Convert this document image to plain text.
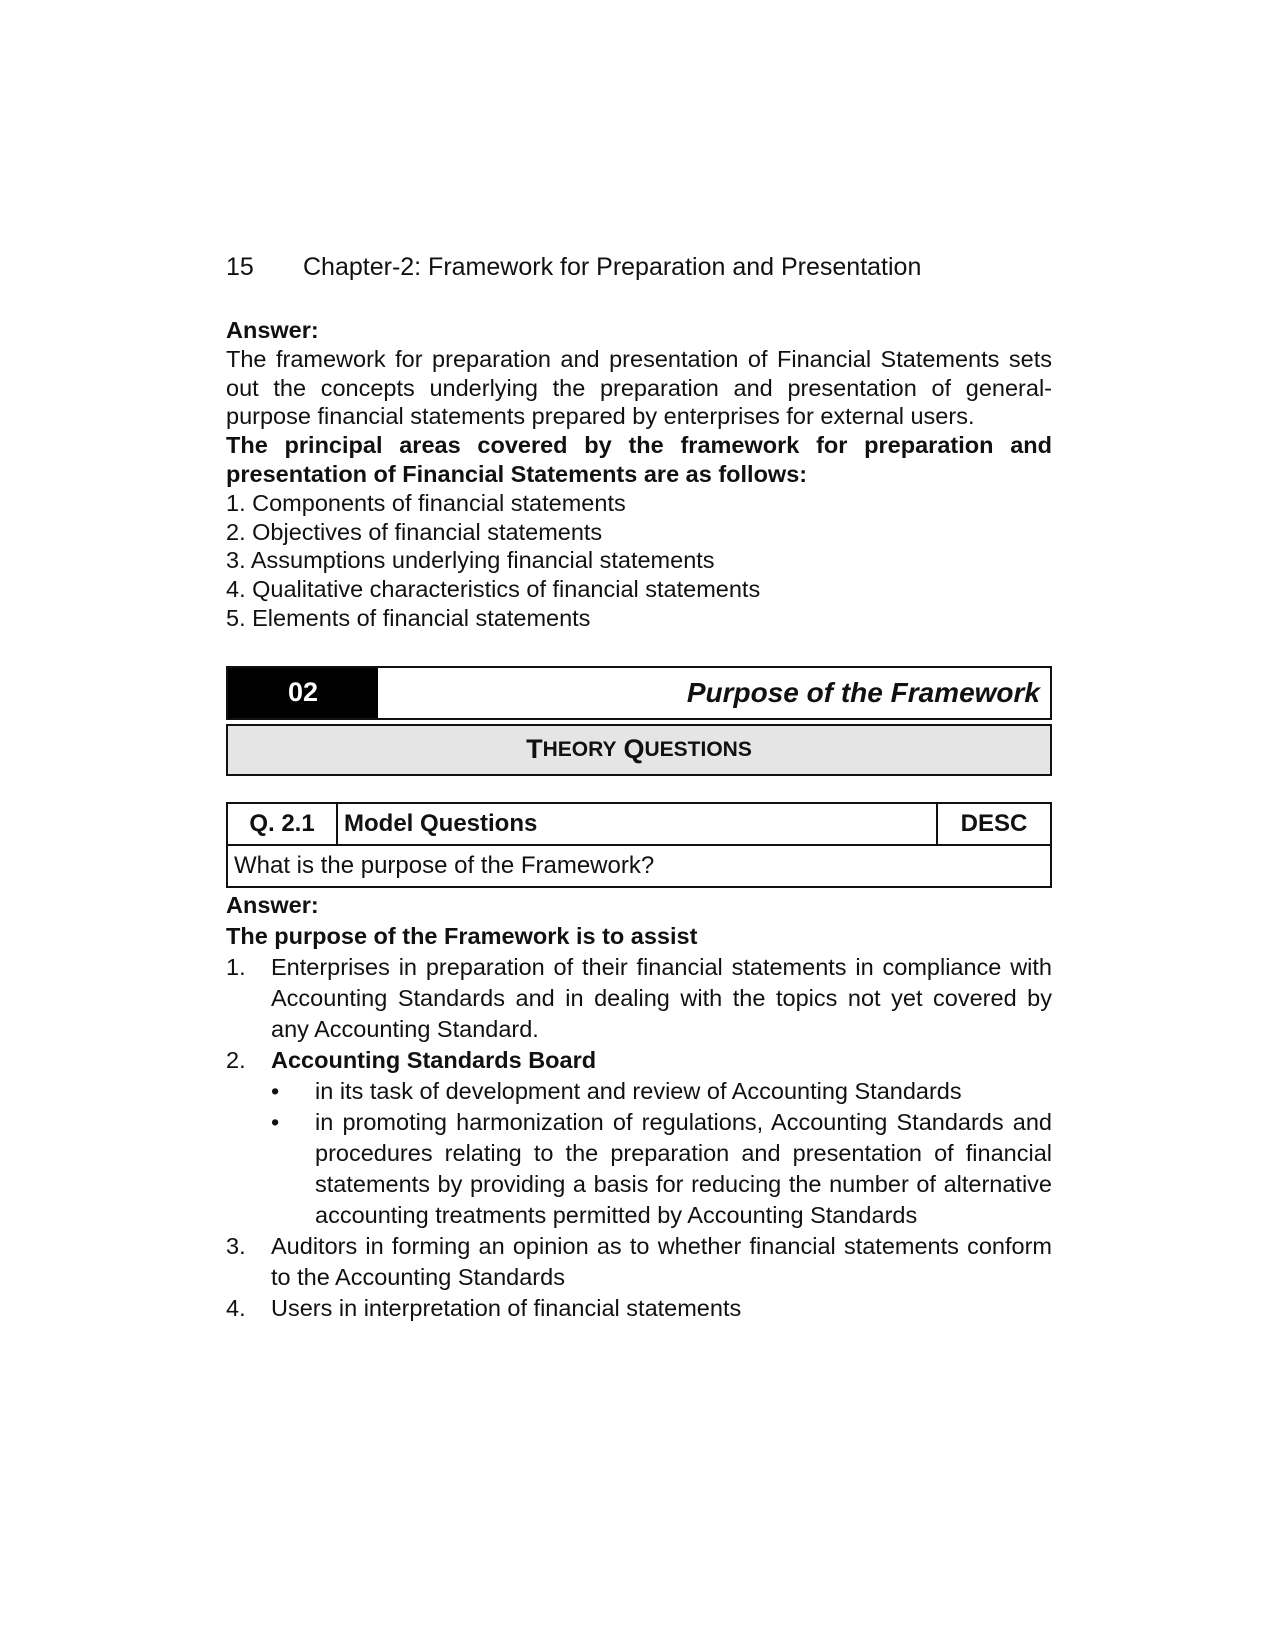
15	Chapter-2: Framework for Preparation and Presentation
Answer:
The framework for preparation and presentation of Financial Statements sets out the concepts underlying the preparation and presentation of general-purpose financial statements prepared by enterprises for external users.
The principal areas covered by the framework for preparation and presentation of Financial Statements are as follows:
1. Components of financial statements
2. Objectives of financial statements
3. Assumptions underlying financial statements
4. Qualitative characteristics of financial statements
5. Elements of financial statements
02	Purpose of the Framework
T HEORY
Q UESTIONS
Q. 2.1	Model Questions	DESC
What is the purpose of the Framework?
Answer:
The purpose of the Framework is to assist
1.	Enterprises in preparation of their financial statements in compliance with Accounting Standards and in dealing with the topics not yet covered by any Accounting Standard.
2.	Accounting Standards Board
•	in its task of development and review of Accounting Standards
•	in promoting harmonization of regulations, Accounting Standards and procedures relating to the preparation and presentation of financial statements by providing a basis for reducing the number of alternative accounting treatments permitted by Accounting Standards
3.	Auditors in forming an opinion as to whether financial statements conform to the Accounting Standards
4.	Users in interpretation of financial statements
